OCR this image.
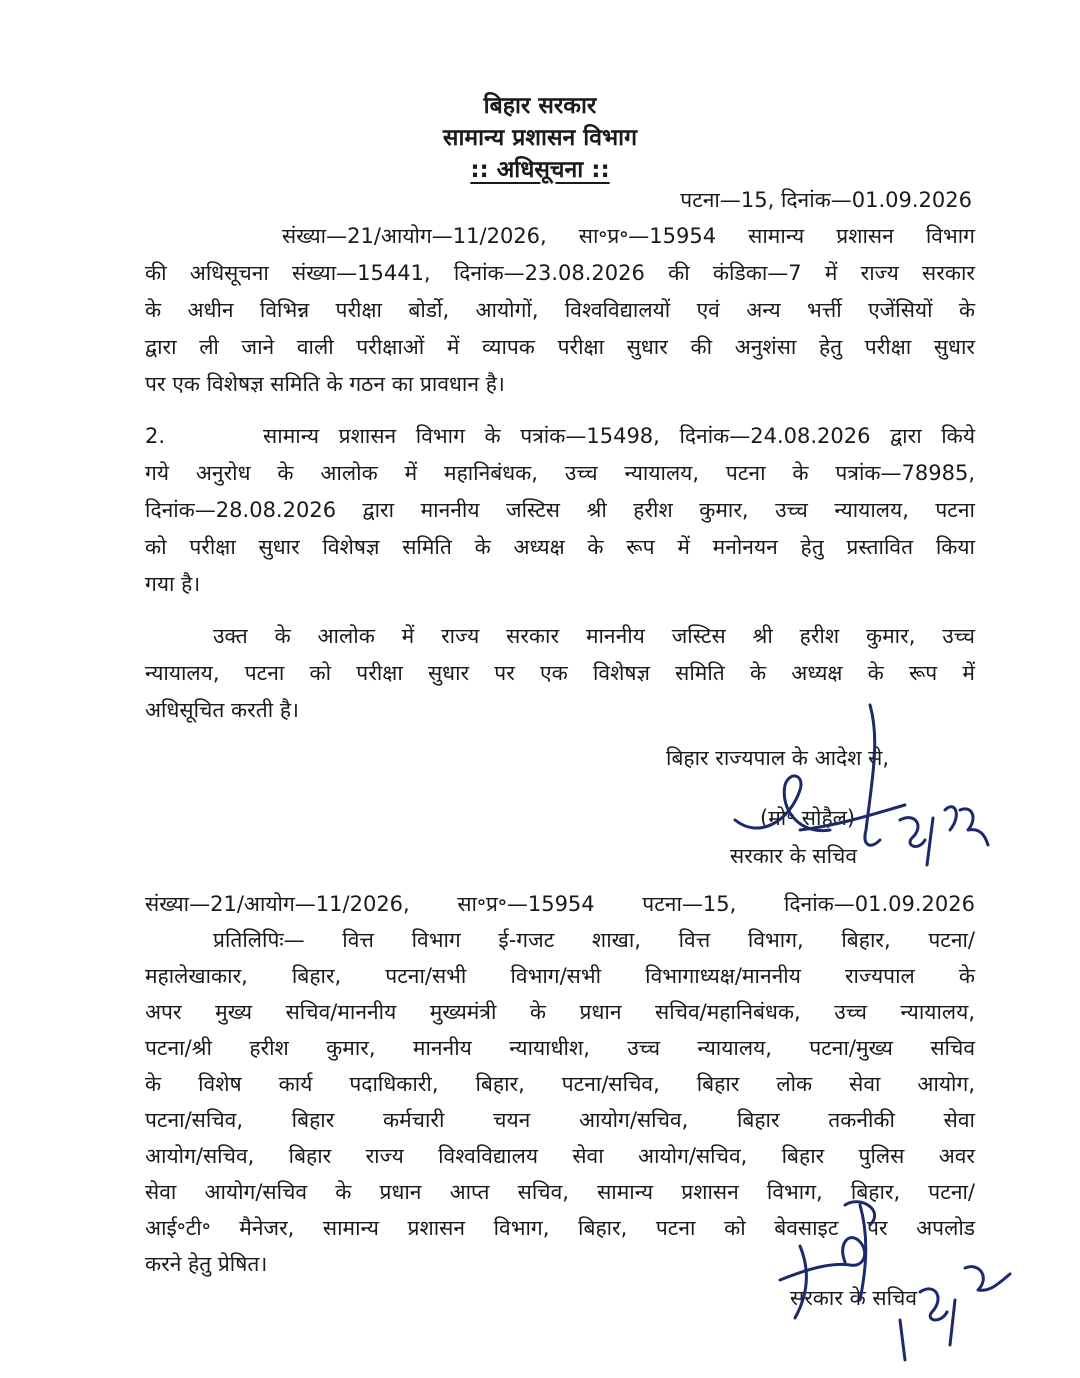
बिहार सरकार
सामान्य प्रशासन विभाग
:: अधिसूचना ::
पटना—15, दिनांक—01.09.2026
संख्या—21/आयोग—11/2026, सा॰प्र॰—15954 सामान्य प्रशासन विभाग
की अधिसूचना संख्या—15441, दिनांक—23.08.2026 की कंडिका—7 में राज्य सरकार
के अधीन विभिन्न परीक्षा बोर्डो, आयोगों, विश्वविद्यालयों एवं अन्य भर्त्ती एजेंसियों के
द्वारा ली जाने वाली परीक्षाओं में व्यापक परीक्षा सुधार की अनुशंसा हेतु परीक्षा सुधार
पर एक विशेषज्ञ समिति के गठन का प्रावधान है।
2.     सामान्य प्रशासन विभाग के पत्रांक—15498, दिनांक—24.08.2026 द्वारा किये
गये अनुरोध के आलोक में महानिबंधक, उच्च न्यायालय, पटना के पत्रांक—78985,
दिनांक—28.08.2026 द्वारा माननीय जस्टिस श्री हरीश कुमार, उच्च न्यायालय, पटना
को परीक्षा सुधार विशेषज्ञ समिति के अध्यक्ष के रूप में मनोनयन हेतु प्रस्तावित किया
गया है।
उक्त के आलोक में राज्य सरकार माननीय जस्टिस श्री हरीश कुमार, उच्च
न्यायालय, पटना को परीक्षा सुधार पर एक विशेषज्ञ समिति के अध्यक्ष के रूप में
अधिसूचित करती है।
बिहार राज्यपाल के आदेश से,
(मो॰ सोहैल)
सरकार के सचिव
संख्या—21/आयोग—11/2026,    सा॰प्र॰—15954    पटना—15,    दिनांक—01.09.2026
प्रतिलिपिः— वित्त विभाग ई-गजट शाखा, वित्त विभाग, बिहार, पटना/
महालेखाकार, बिहार, पटना/सभी विभाग/सभी विभागाध्यक्ष/माननीय राज्यपाल के
अपर मुख्य सचिव/माननीय मुख्यमंत्री के प्रधान सचिव/महानिबंधक, उच्च न्यायालय,
पटना/श्री हरीश कुमार, माननीय न्यायाधीश, उच्च न्यायालय, पटना/मुख्य सचिव
के विशेष कार्य पदाधिकारी, बिहार, पटना/सचिव, बिहार लोक सेवा आयोग,
पटना/सचिव, बिहार कर्मचारी चयन आयोग/सचिव, बिहार तकनीकी सेवा
आयोग/सचिव, बिहार राज्य विश्वविद्यालय सेवा आयोग/सचिव, बिहार पुलिस अवर
सेवा आयोग/सचिव के प्रधान आप्त सचिव, सामान्य प्रशासन विभाग, बिहार, पटना/
आई॰टी॰ मैनेजर, सामान्य प्रशासन विभाग, बिहार, पटना को बेवसाइट पर अपलोड
करने हेतु प्रेषित।
सरकार के सचिव
